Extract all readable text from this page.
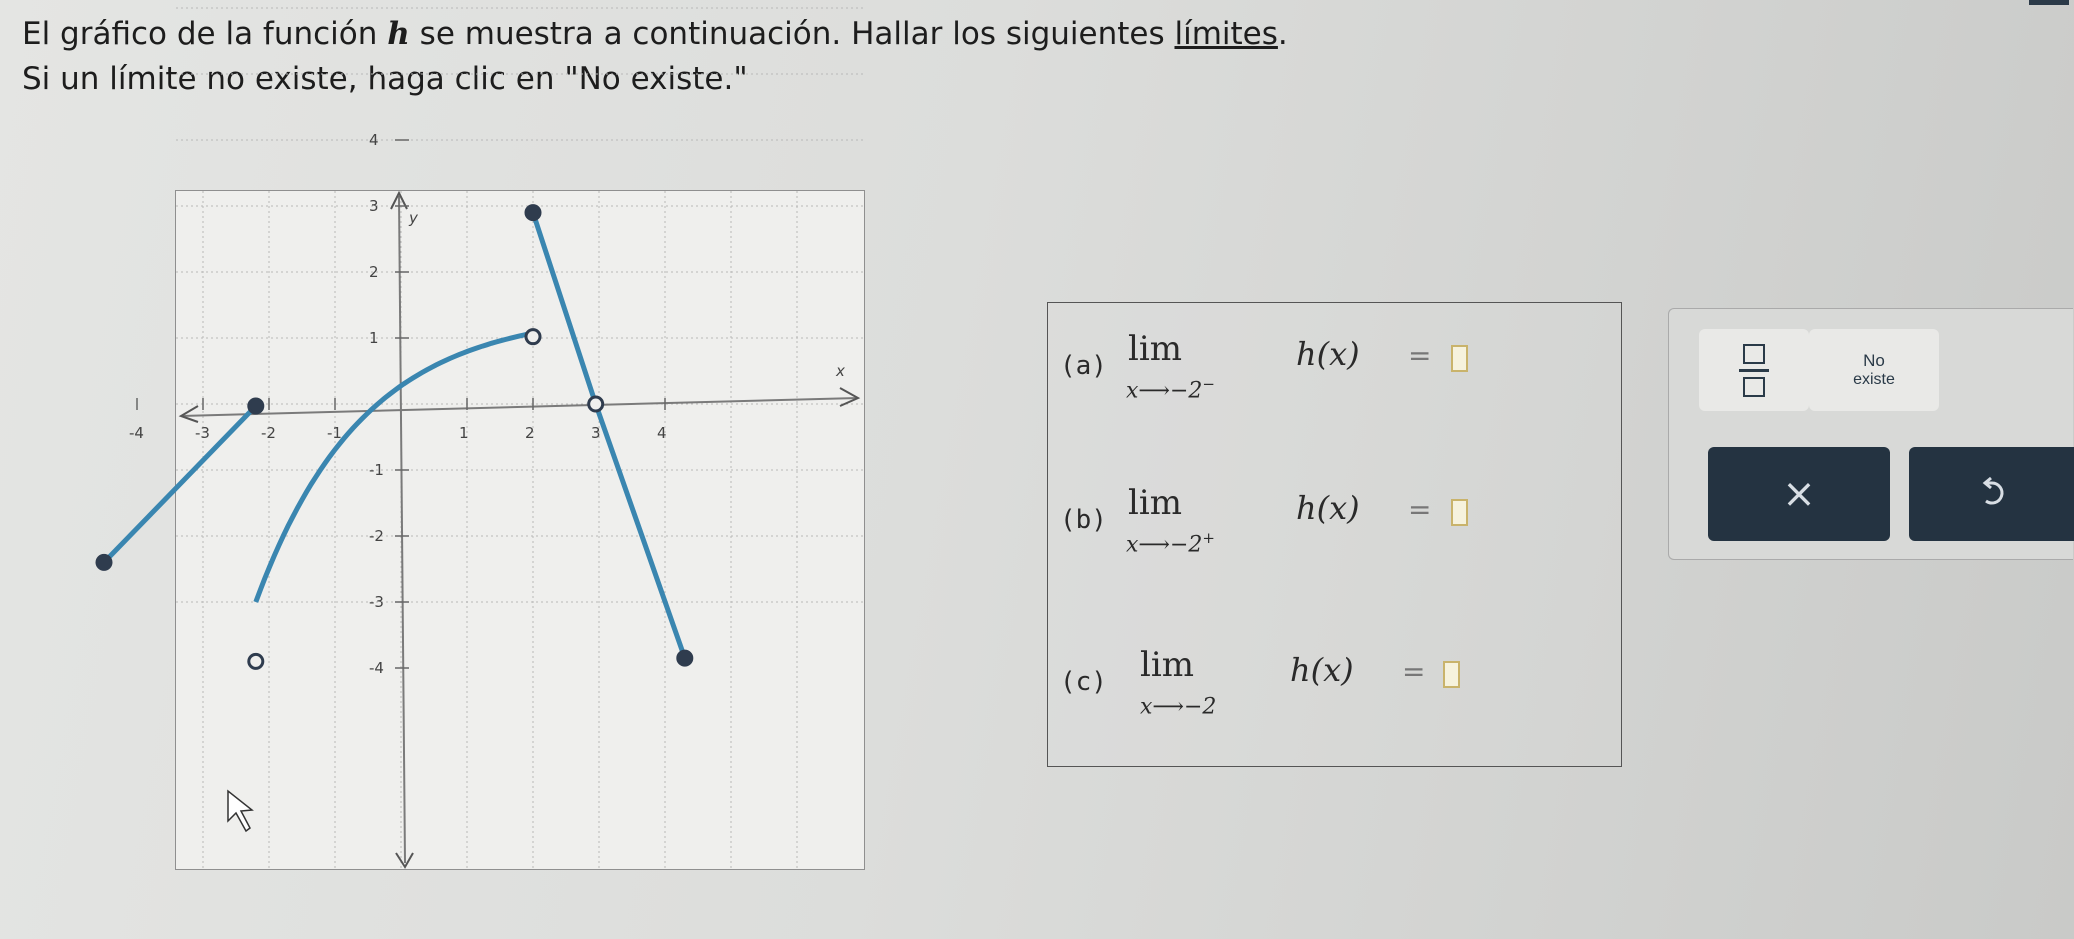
El gráfico de la función h se muestra a continuación. Hallar los siguientes límites.
Si un límite no existe, haga clic en "No existe."
y
x
-4	-3	-2	-1	1	2	3	4
4
3
2
1
-1
-2
-3
-4
(a) lim
x⟶−2−
h(x) =
(b) lim
x⟶−2+
h(x) =
(c) lim
x⟶−2
h(x) =
No
existe
×
